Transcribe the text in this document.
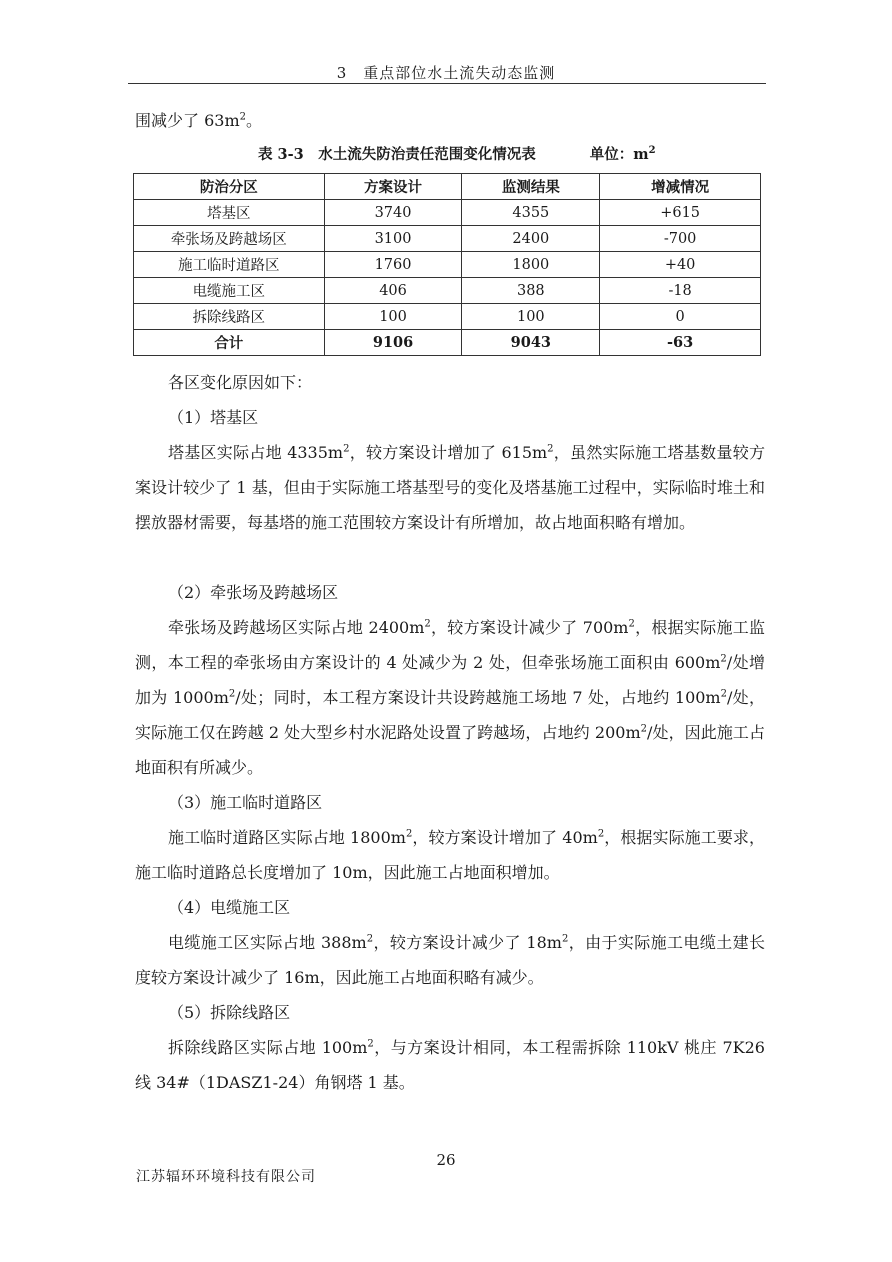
3　重点部位水土流失动态监测
围减少了 $63m^2$。
表 3-3　水土流失防治责任范围变化情况表	单位：$m^2$
防治分区	方案设计	监测结果	增减情况
塔基区	3740	4355	+615
牵张场及跨越场区	3100	2400	-700
施工临时道路区	1760	1800	+40
电缆施工区	406	388	-18
拆除线路区	100	100	0
合计	9106	9043	-63
各区变化原因如下：
（1）塔基区
塔基区实际占地 $4335m^2$，较方案设计增加了 $615m^2$，虽然实际施工塔基数量较方案设计较少了 1 基，但由于实际施工塔基型号的变化及塔基施工过程中，实际临时堆土和摆放器材需要，每基塔的施工范围较方案设计有所增加，故占地面积略有增加。
（2）牵张场及跨越场区
牵张场及跨越场区实际占地 $2400m^2$，较方案设计减少了 $700m^2$，根据实际施工监测，本工程的牵张场由方案设计的 4 处减少为 2 处，但牵张场施工面积由 $600m^2/$处增加为 $1000m^2/$处；同时，本工程方案设计共设跨越施工场地 7 处，占地约 $100m^2/$处，实际施工仅在跨越 2 处大型乡村水泥路处设置了跨越场，占地约 $200m^2/$处，因此施工占地面积有所减少。
（3）施工临时道路区
施工临时道路区实际占地 $1800m^2$，较方案设计增加了 $40m^2$，根据实际施工要求，施工临时道路总长度增加了 10m，因此施工占地面积增加。
（4）电缆施工区
电缆施工区实际占地 $388m^2$，较方案设计减少了 $18m^2$，由于实际施工电缆土建长度较方案设计减少了 16m，因此施工占地面积略有减少。
（5）拆除线路区
拆除线路区实际占地 $100m^2$，与方案设计相同，本工程需拆除 110kV 桃庄 7K26 线 34#（1DASZ1-24）角钢塔 1 基。
26
江苏辐环环境科技有限公司
